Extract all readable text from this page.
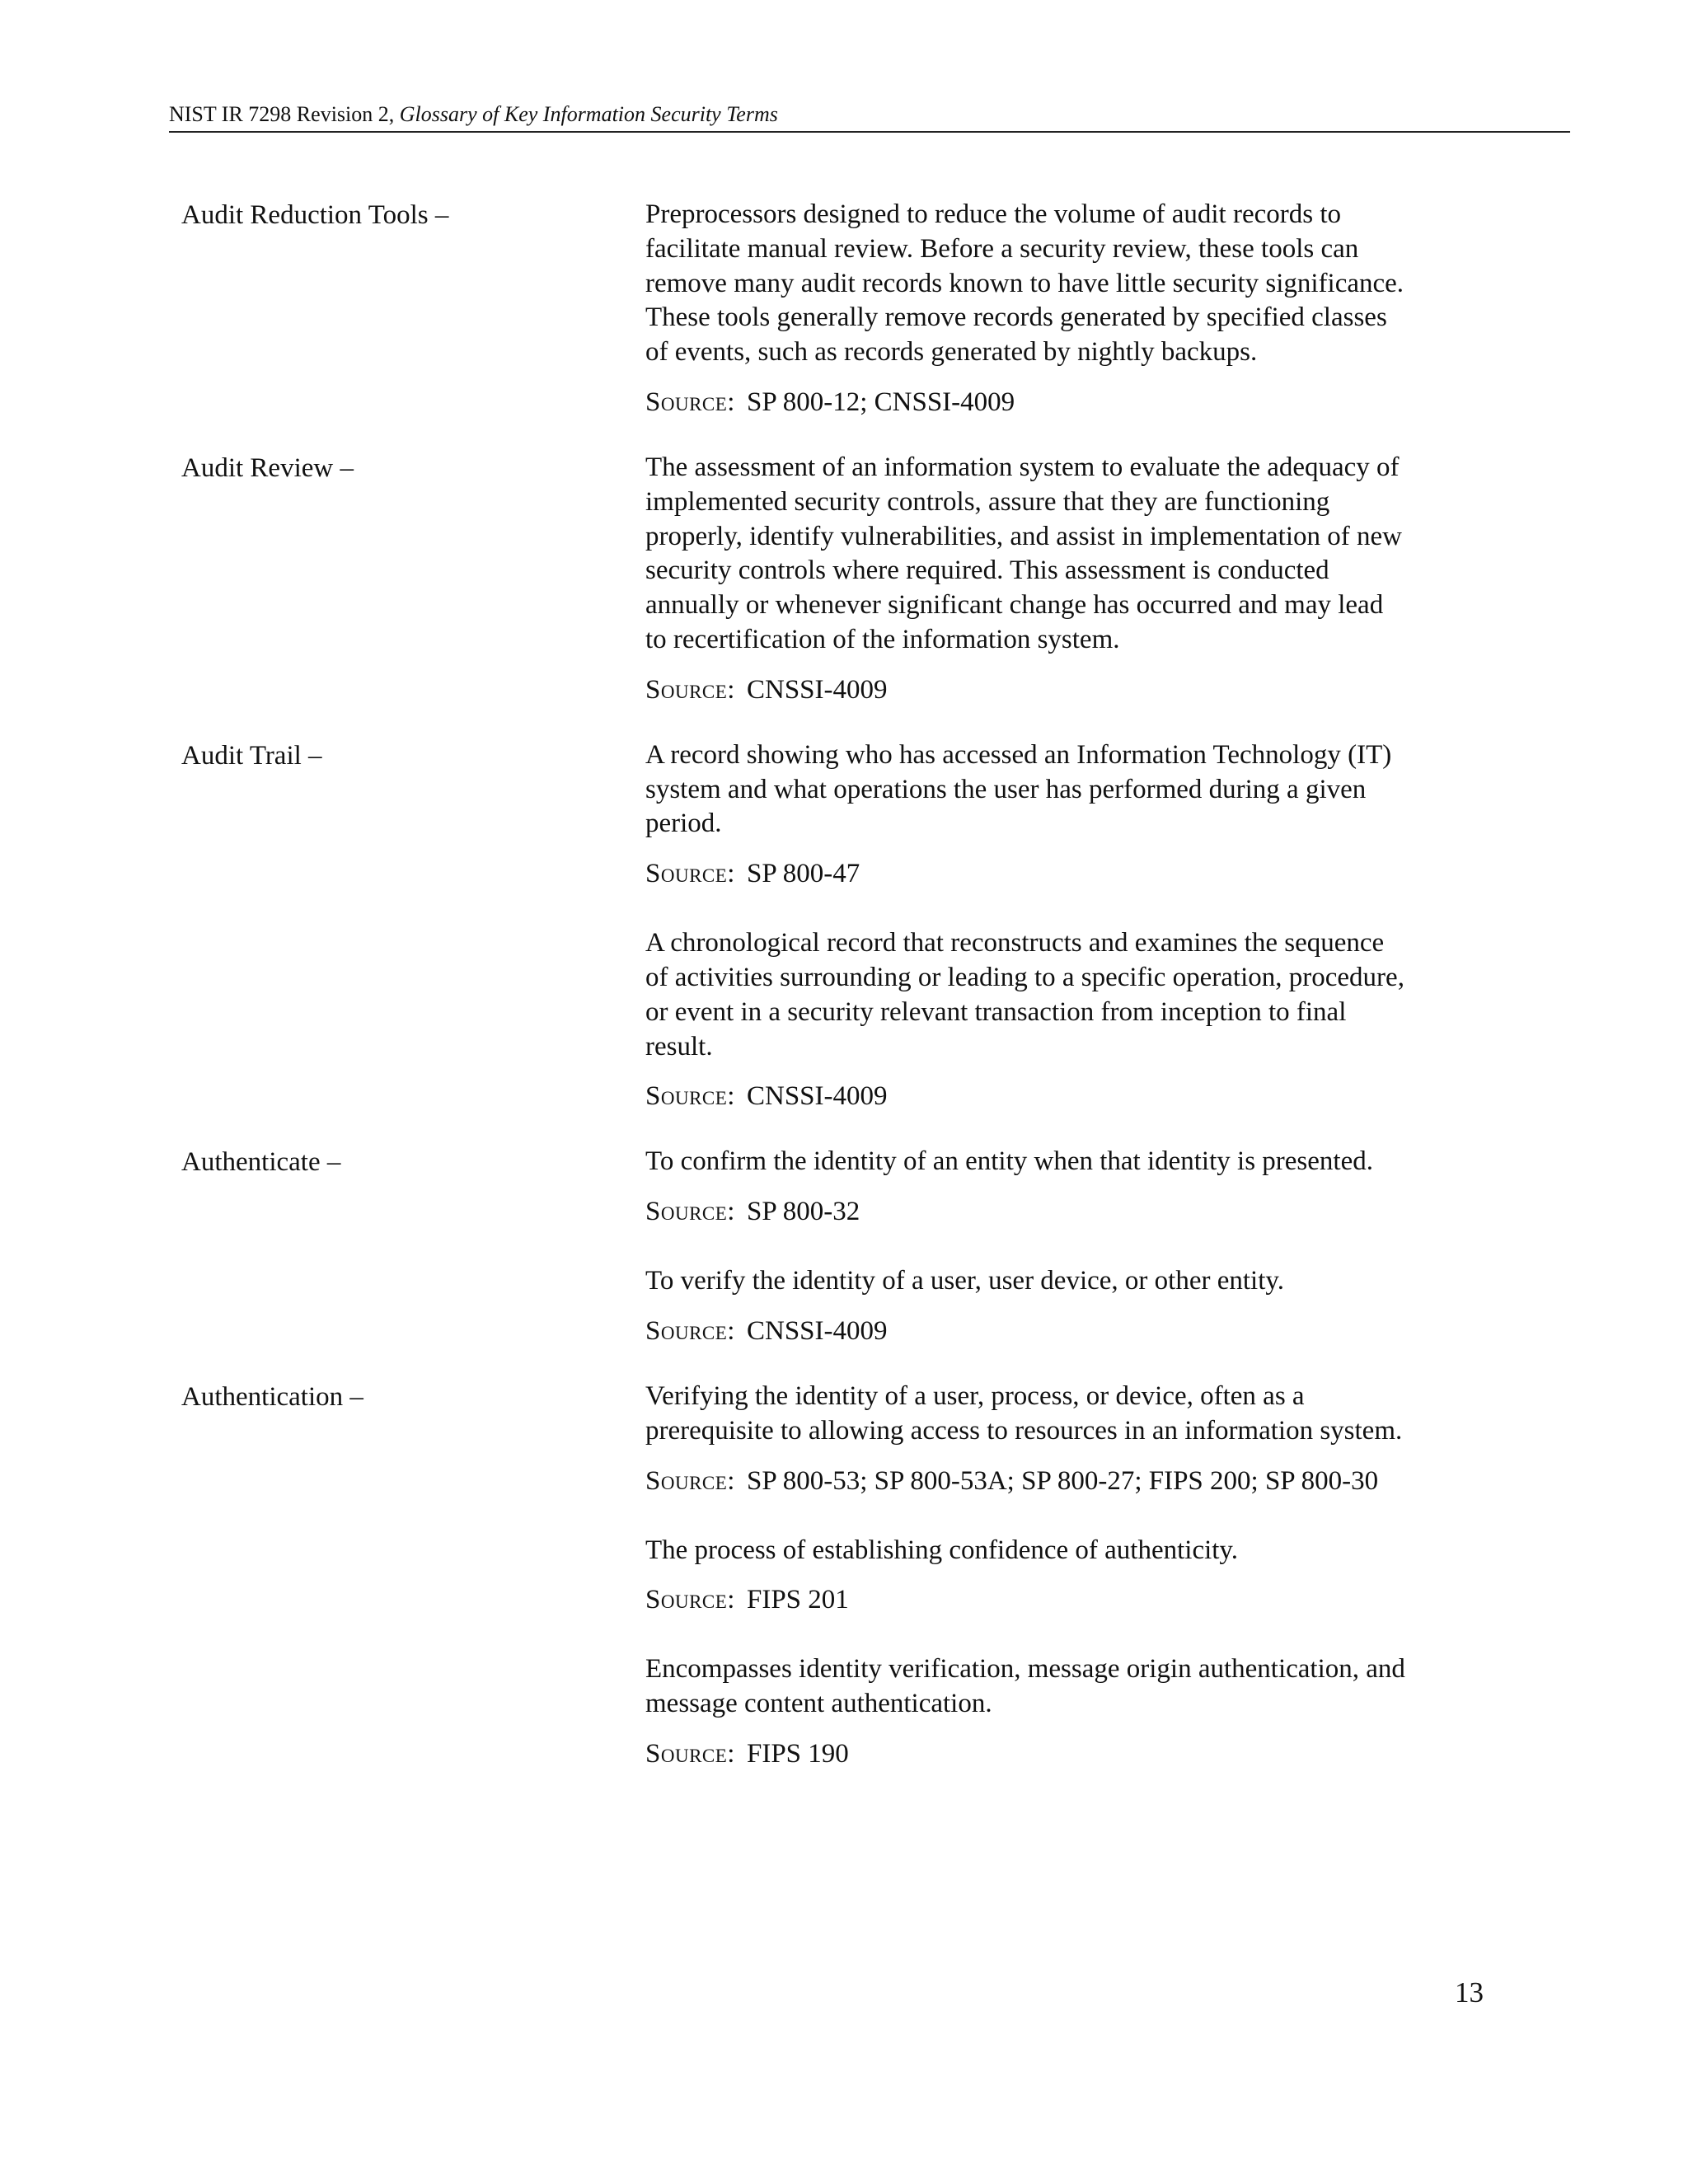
NIST IR 7298 Revision 2, Glossary of Key Information Security Terms
Audit Reduction Tools –	Preprocessors designed to reduce the volume of audit records to
facilitate manual review. Before a security review, these tools can
remove many audit records known to have little security significance.
These tools generally remove records generated by specified classes
of events, such as records generated by nightly backups.

Source: SP 800-12; CNSSI-4009
Audit Review –	The assessment of an information system to evaluate the adequacy of
implemented security controls, assure that they are functioning
properly, identify vulnerabilities, and assist in implementation of new
security controls where required. This assessment is conducted
annually or whenever significant change has occurred and may lead
to recertification of the information system.

Source: CNSSI-4009
Audit Trail –	A record showing who has accessed an Information Technology (IT)
system and what operations the user has performed during a given
period.

Source: SP 800-47

A chronological record that reconstructs and examines the sequence
of activities surrounding or leading to a specific operation, procedure,
or event in a security relevant transaction from inception to final
result.

Source: CNSSI-4009
Authenticate –	To confirm the identity of an entity when that identity is presented.

Source: SP 800-32

To verify the identity of a user, user device, or other entity.

Source: CNSSI-4009
Authentication –	Verifying the identity of a user, process, or device, often as a
prerequisite to allowing access to resources in an information system.

Source: SP 800-53; SP 800-53A; SP 800-27; FIPS 200; SP 800-30

The process of establishing confidence of authenticity.

Source: FIPS 201

Encompasses identity verification, message origin authentication, and
message content authentication.

Source: FIPS 190
13
